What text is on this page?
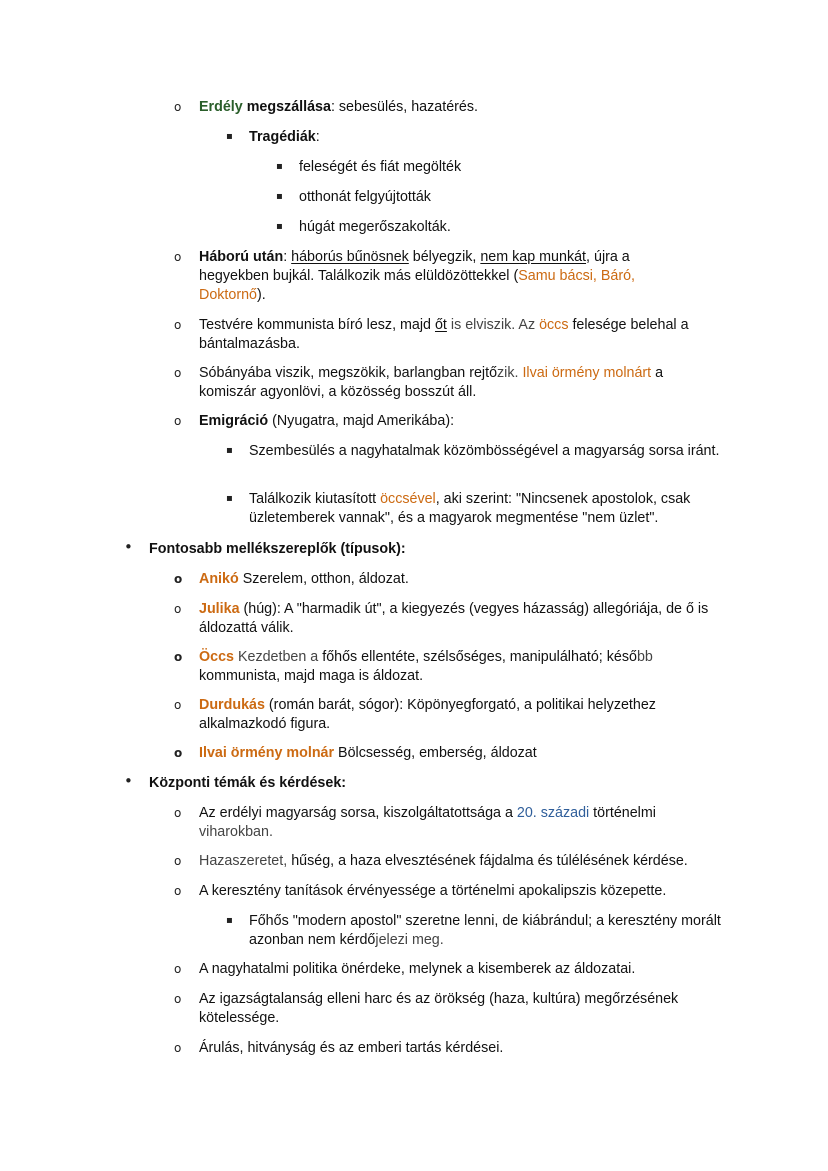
o Erdély megszállása: sebesülés, hazatérés.
▪ Tragédiák:
▪ feleségét és fiát megölték
▪ otthonát felgyújtották
▪ húgát megerőszakolták.
o Háború után: háborús bűnösnek bélyegzik, nem kap munkát, újra a hegyekben bujkál. Találkozik más elüldözöttekkel (Samu bácsi, Báró, Doktornő).
o Testvére kommunista bíró lesz, majd őt is elviszik. Az öccs felesége belehal a bántalmazásba.
o Sóbányába viszik, megszökik, barlangban rejtőzik. Ilvai örmény molnárt a komiszár agyonlövi, a közösség bosszút áll.
o Emigráció (Nyugatra, majd Amerikába):
▪ Szembesülés a nagyhatalmak közömbösségével a magyarság sorsa iránt.
▪ Találkozik kiutasított öccsével, aki szerint: "Nincsenek apostolok, csak üzletemberek vannak", és a magyarok megmentése "nem üzlet".
• Fontosabb mellékszereplők (típusok):
o Anikó Szerelem, otthon, áldozat.
o Julika (húg): A "harmadik út", a kiegyezés (vegyes házasság) allegóriája, de ő is áldozattá válik.
o Öccs Kezdetben a főhős ellentéte, szélsőséges, manipulálható; később kommunista, majd maga is áldozat.
o Durdukás (román barát, sógor): Köpönyegforgató, a politikai helyzethez alkalmazkodó figura.
o Ilvai örmény molnár Bölcsesség, emberség, áldozat
• Központi témák és kérdések:
o Az erdélyi magyarság sorsa, kiszolgáltatottsága a 20. századi történelmi viharokban.
o Hazaszeretet, hűség, a haza elvesztésének fájdalma és túlélésének kérdése.
o A keresztény tanítások érvényessége a történelmi apokalipszis közepette.
▪ Főhős "modern apostol" szeretne lenni, de kiábrándul; a keresztény morált azonban nem kérdőjelezi meg.
o A nagyhatalmi politika önérdeke, melynek a kisemberek az áldozatai.
o Az igazságtalanság elleni harc és az örökség (haza, kultúra) megőrzésének kötelessége.
o Árulás, hitványság és az emberi tartás kérdései.
